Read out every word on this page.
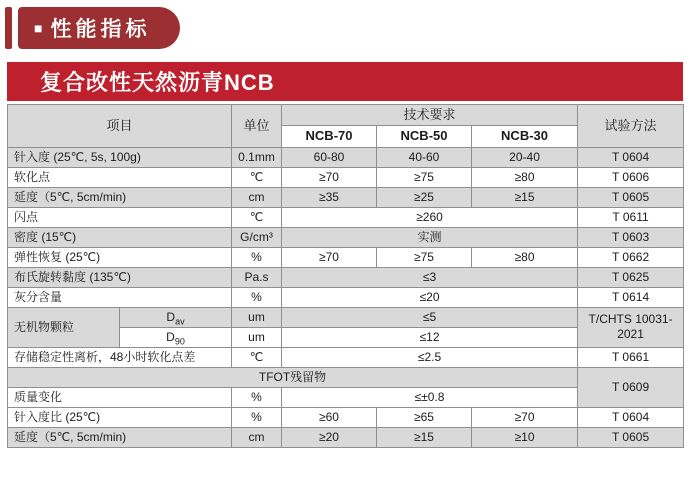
■ 性能指标
复合改性天然沥青NCB
项目		单位	技术要求			试验方法
			NCB-70	NCB-50	NCB-30	
针入度 (25℃, 5s, 100g)		0.1mm	60-80	40-60	20-40	T 0604
软化点		℃	≥70	≥75	≥80	T 0606
延度（5℃, 5cm/min)		cm	≥35	≥25	≥15	T 0605
闪点		℃	≥260			T 0611
密度 (15℃)		G/cm³	实测			T 0603
弹性恢复 (25℃)		%	≥70	≥75	≥80	T 0662
布氏旋转黏度 (135℃)		Pa.s	≤3			T 0625
灰分含量		%	≤20			T 0614
无机物颗粒	$D_{av}$	um	≤5			T/CHTS 10031-2021
	$D_{90}$	um	≤12			
存储稳定性离析，48小时软化点差		℃	≤2.5			T 0661
TFOT残留物						T 0609
质量变化		%	≤±0.8			
针入度比 (25℃)		%	≥60	≥65	≥70	T 0604
延度（5℃, 5cm/min)		cm	≥20	≥15	≥10	T 0605
